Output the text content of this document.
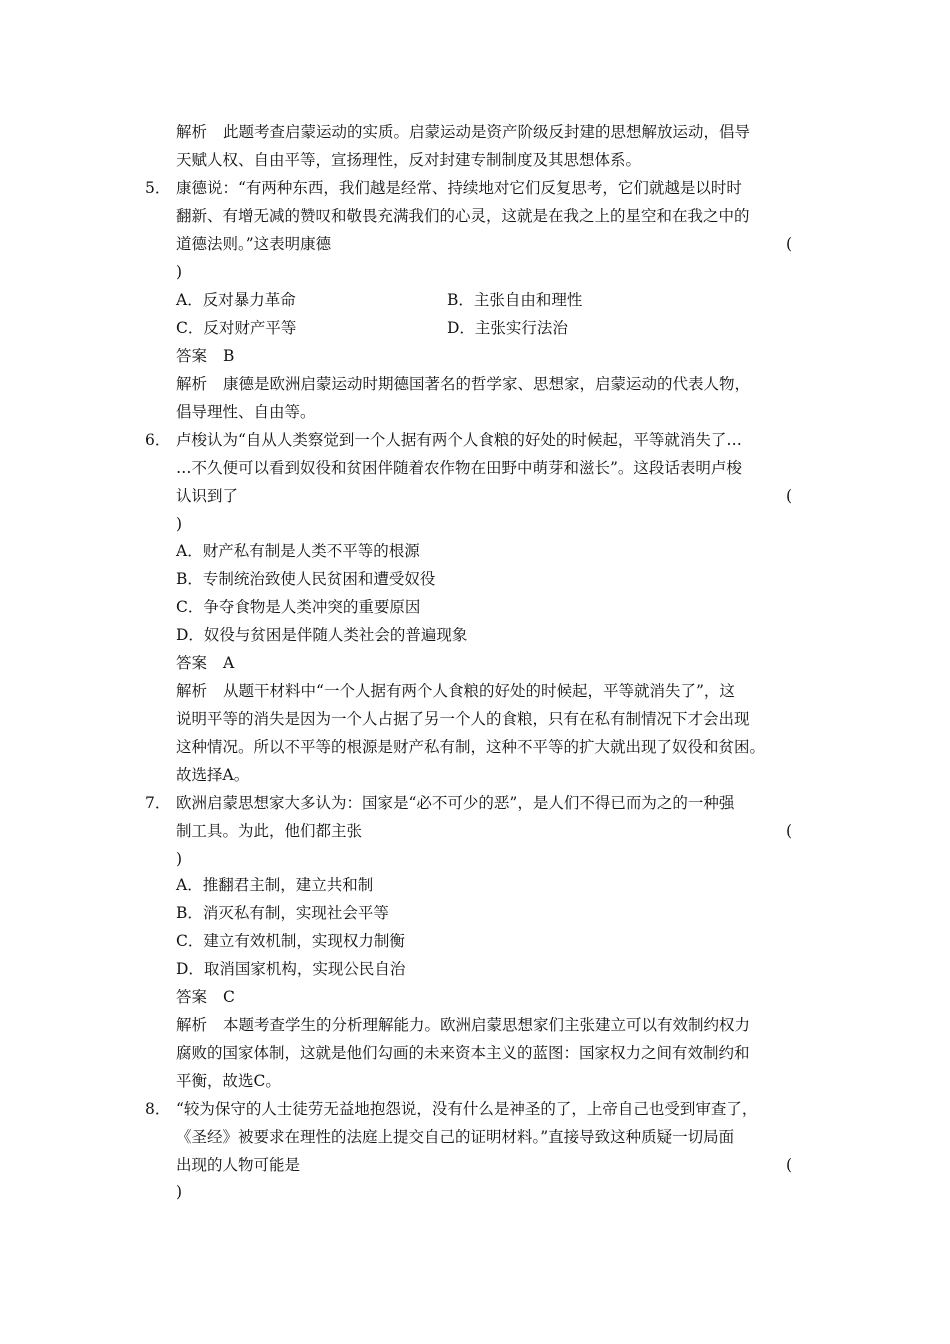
解析 此题考查启蒙运动的实质。启蒙运动是资产阶级反封建的思想解放运动，倡导
天赋人权、自由平等，宣扬理性，反对封建专制制度及其思想体系。
5． 康德说：“有两种东西，我们越是经常、持续地对它们反复思考，它们就越是以时时
翻新、有增无减的赞叹和敬畏充满我们的心灵，这就是在我之上的星空和在我之中的
道德法则。”这表明康德	(
)
A．反对暴力革命	B．主张自由和理性
C．反对财产平等	D．主张实行法治
答案 B
解析 康德是欧洲启蒙运动时期德国著名的哲学家、思想家，启蒙运动的代表人物，
倡导理性、自由等。
6． 卢梭认为“自从人类察觉到一个人据有两个人食粮的好处的时候起，平等就消失了…
…不久便可以看到奴役和贫困伴随着农作物在田野中萌芽和滋长”。这段话表明卢梭
认识到了	(
)
A．财产私有制是人类不平等的根源
B．专制统治致使人民贫困和遭受奴役
C．争夺食物是人类冲突的重要原因
D．奴役与贫困是伴随人类社会的普遍现象
答案 A
解析 从题干材料中“一个人据有两个人食粮的好处的时候起，平等就消失了”，这
说明平等的消失是因为一个人占据了另一个人的食粮，只有在私有制情况下才会出现
这种情况。所以不平等的根源是财产私有制，这种不平等的扩大就出现了奴役和贫困。
故选择A。
7． 欧洲启蒙思想家大多认为：国家是“必不可少的恶”，是人们不得已而为之的一种强
制工具。为此，他们都主张	(
)
A．推翻君主制，建立共和制
B．消灭私有制，实现社会平等
C．建立有效机制，实现权力制衡
D．取消国家机构，实现公民自治
答案 C
解析 本题考查学生的分析理解能力。欧洲启蒙思想家们主张建立可以有效制约权力
腐败的国家体制，这就是他们勾画的未来资本主义的蓝图：国家权力之间有效制约和
平衡，故选C。
8． “较为保守的人士徒劳无益地抱怨说，没有什么是神圣的了，上帝自己也受到审查了，
《圣经》被要求在理性的法庭上提交自己的证明材料。”直接导致这种质疑一切局面
出现的人物可能是	(
)
